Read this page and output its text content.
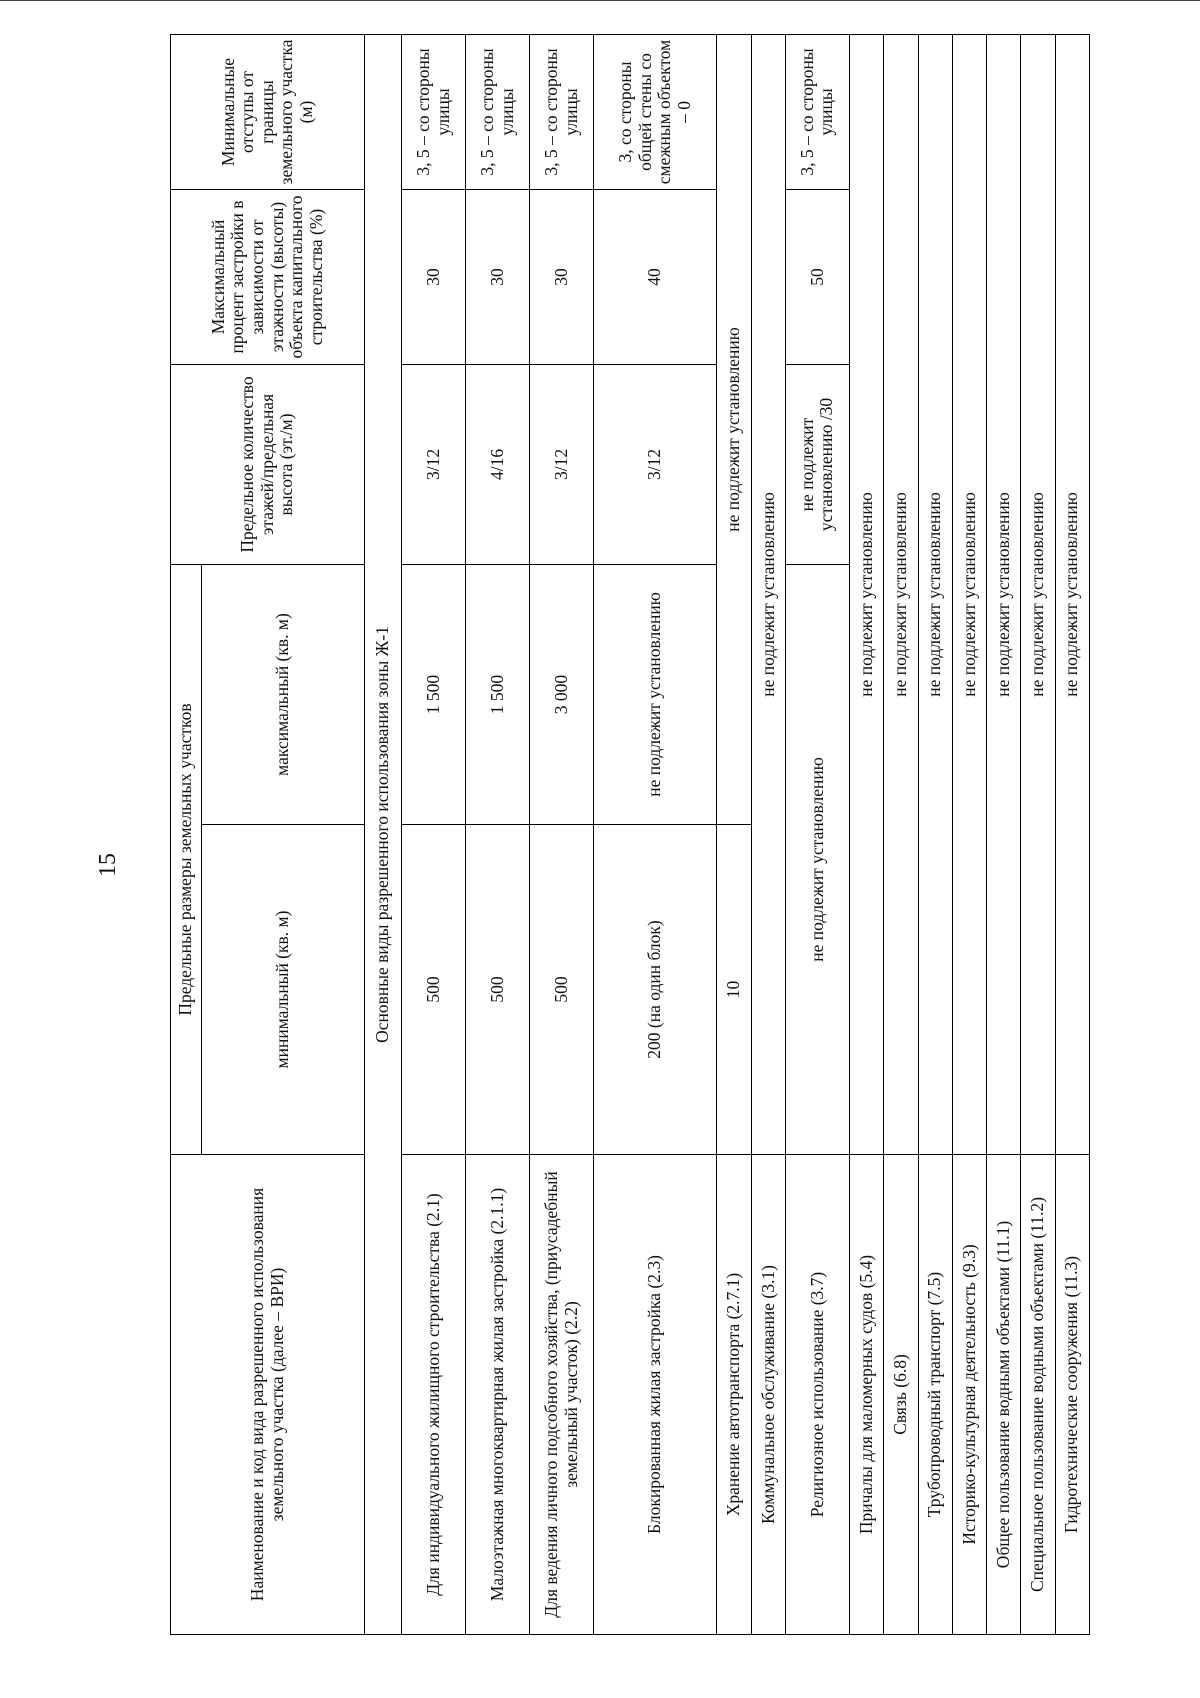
15
Наименование и код вида разрешенного использования земельного участка (далее – ВРИ)	Предельные размеры земельных участков		Предельное количество этажей/предельная высота (эт./м)	Максимальный процент застройки в зависимости от этажности (высоты) объекта капитального строительства (%)	Минимальные отступы от границы земельного участка (м)
	минимальный (кв. м)	максимальный (кв. м)			
Основные виды разрешенного использования зоны Ж-1					
Для индивидуального жилищного строительства (2.1)	500	1 500	3/12	30	3, 5 – со стороны улицы
Малоэтажная многоквартирная жилая застройка (2.1.1)	500	1 500	4/16	30	3, 5 – со стороны улицы
Для ведения личного подсобного хозяйства, (приусадебный земельный участок) (2.2)	500	3 000	3/12	30	3, 5 – со стороны улицы
Блокированная жилая застройка (2.3)	200 (на один блок)	не подлежит установлению	3/12	40	3, со стороны общей стены со смежным объектом – 0
Хранение автотранспорта (2.7.1)	10	не подлежит установлению			
Коммунальное обслуживание (3.1)	не подлежит установлению				
Религиозное использование (3.7)	не подлежит установлению		не подлежит установлению /30	50	3, 5 – со стороны улицы
Причалы для маломерных судов (5.4)	не подлежит установлению				
Связь (6.8)	не подлежит установлению				
Трубопроводный транспорт (7.5)	не подлежит установлению				
Историко-культурная деятельность (9.3)	не подлежит установлению				
Общее пользование водными объектами (11.1)	не подлежит установлению				
Специальное пользование водными объектами (11.2)	не подлежит установлению				
Гидротехнические сооружения (11.3)	не подлежит установлению				
